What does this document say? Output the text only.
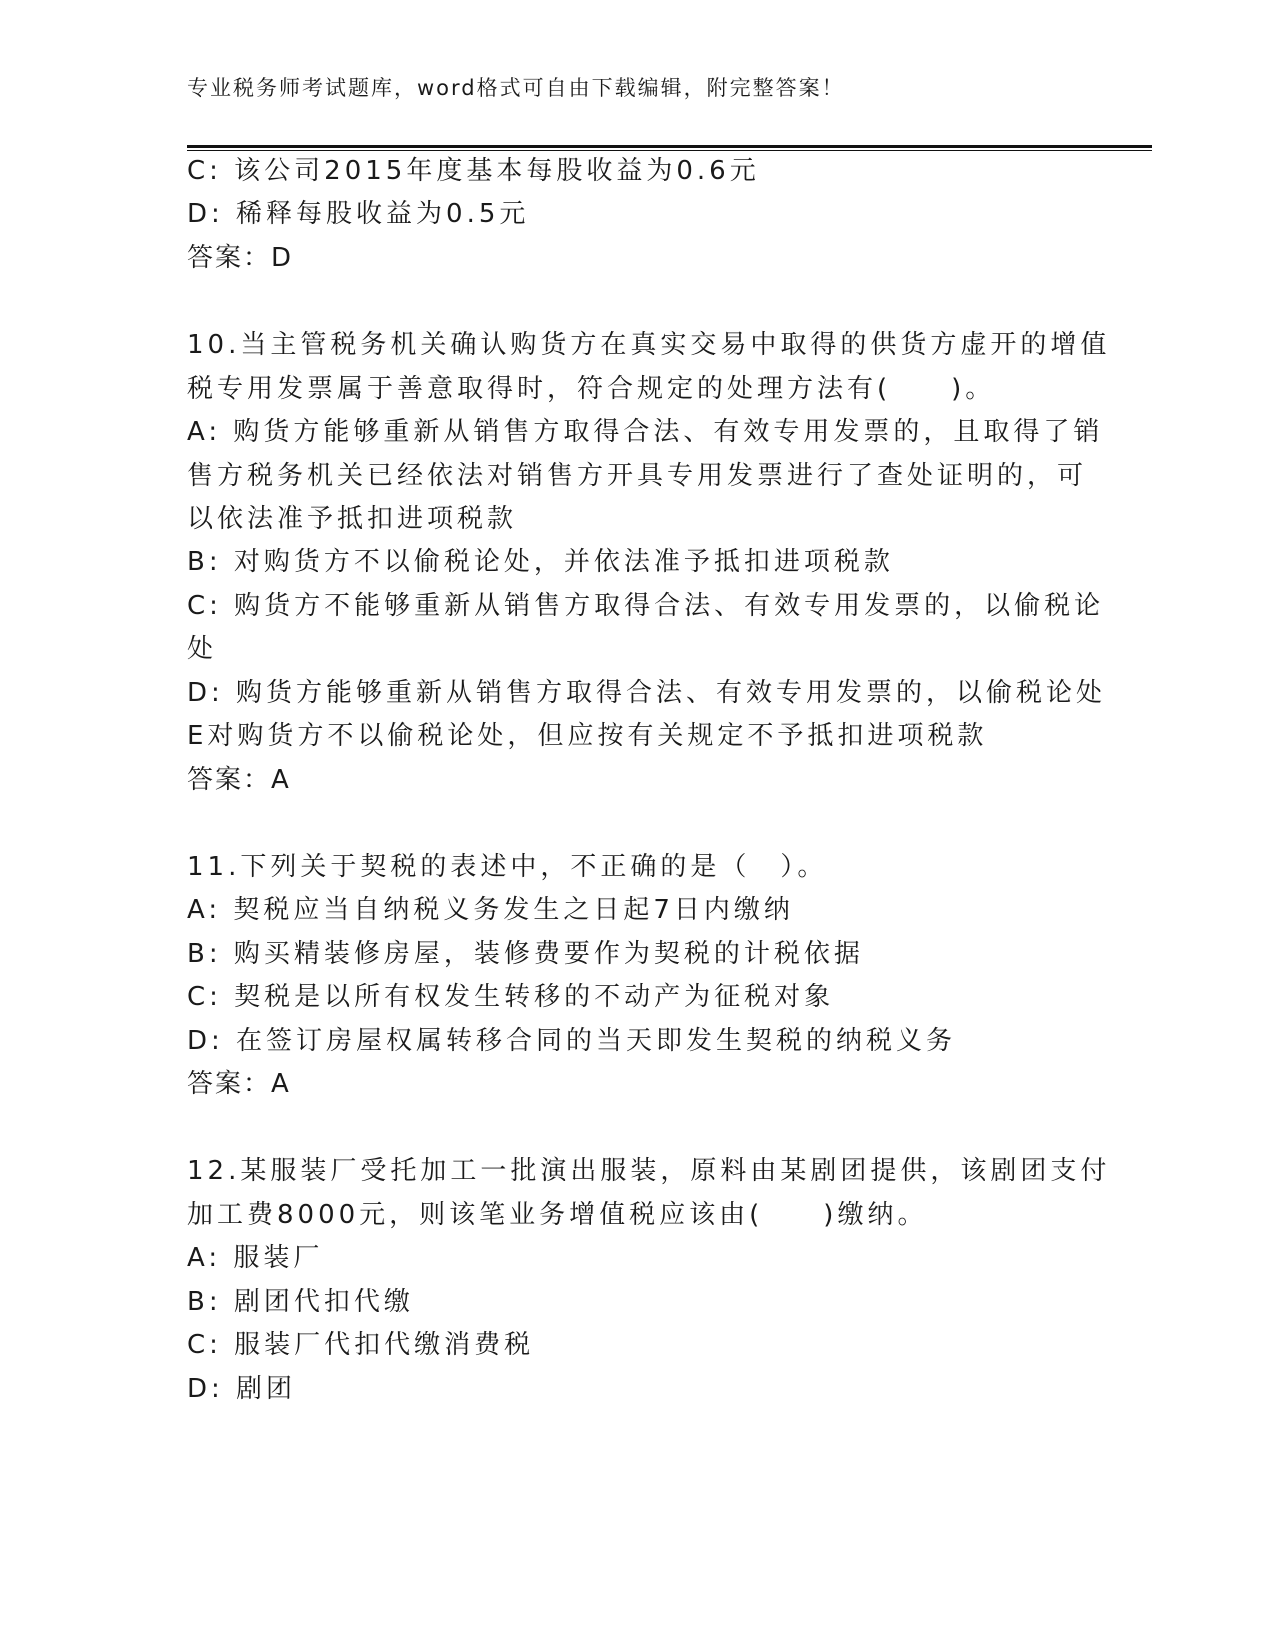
专业税务师考试题库，word格式可自由下载编辑，附完整答案！
C: 该公司2015年度基本每股收益为0.6元
D: 稀释每股收益为0.5元
答案：D
10.当主管税务机关确认购货方在真实交易中取得的供货方虚开的增值
税专用发票属于善意取得时，符合规定的处理方法有(　　)。
A: 购货方能够重新从销售方取得合法、有效专用发票的，且取得了销
售方税务机关已经依法对销售方开具专用发票进行了查处证明的，可
以依法准予抵扣进项税款
B: 对购货方不以偷税论处，并依法准予抵扣进项税款
C: 购货方不能够重新从销售方取得合法、有效专用发票的，以偷税论
处
D: 购货方能够重新从销售方取得合法、有效专用发票的，以偷税论处
E对购货方不以偷税论处，但应按有关规定不予抵扣进项税款
答案：A
11.下列关于契税的表述中，不正确的是（　）。
A: 契税应当自纳税义务发生之日起7日内缴纳
B: 购买精装修房屋，装修费要作为契税的计税依据
C: 契税是以所有权发生转移的不动产为征税对象
D: 在签订房屋权属转移合同的当天即发生契税的纳税义务
答案：A
12.某服装厂受托加工一批演出服装，原料由某剧团提供，该剧团支付
加工费8000元，则该笔业务增值税应该由(　　)缴纳。
A: 服装厂
B: 剧团代扣代缴
C: 服装厂代扣代缴消费税
D: 剧团
